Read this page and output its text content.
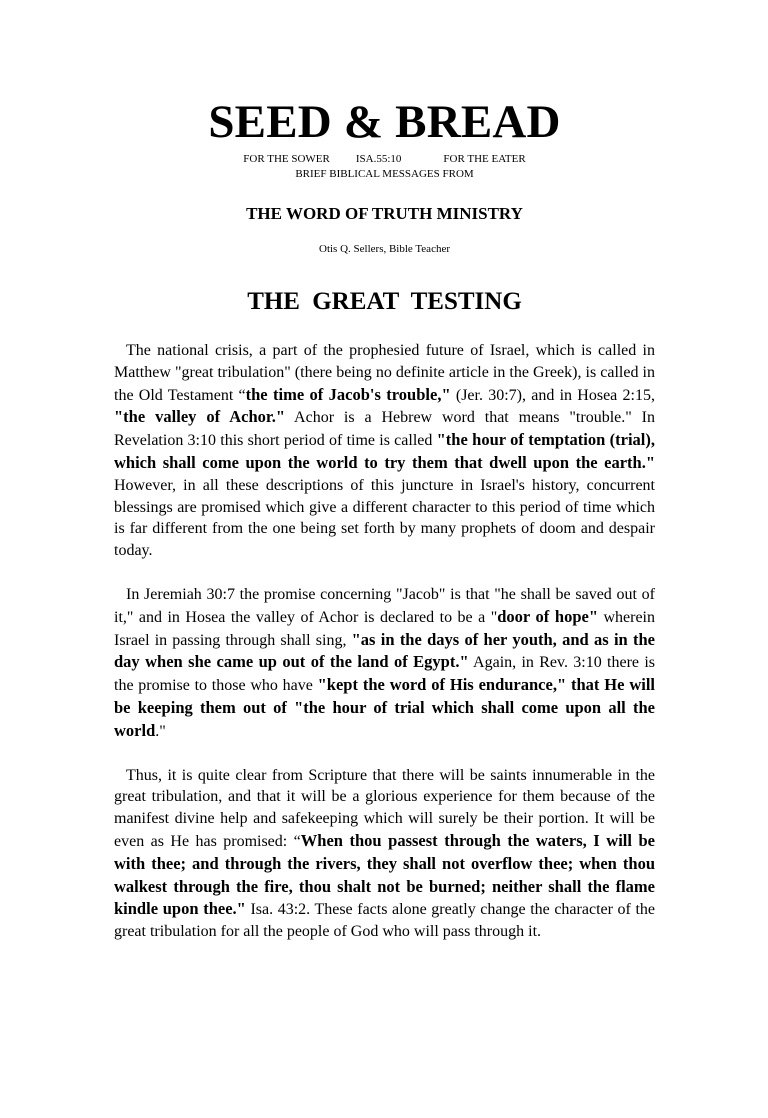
SEED & BREAD

FOR THE SOWER ISA.55:10	FOR THE EATER

BRIEF BIBLICAL MESSAGES FROM

THE WORD OF TRUTH MINISTRY

Otis Q. Sellers, Bible Teacher

THE GREAT TESTING

The national crisis, a part of the prophesied future of Israel, which is called in Matthew "great tribulation" (there being no definite article in the Greek), is called in the Old Testament “the time of Jacob's trouble," (Jer. 30:7), and in Hosea 2:15, "the valley of Achor." Achor is a Hebrew word that means "trouble." In Revelation 3:10 this short period of time is called "the hour of temptation (trial), which shall come upon the world to try them that dwell upon the earth." However, in all these descriptions of this juncture in Israel's history, concurrent blessings are promised which give a different character to this period of time which is far different from the one being set forth by many prophets of doom and despair today.

In Jeremiah 30:7 the promise concerning "Jacob" is that "he shall be saved out of it," and in Hosea the valley of Achor is declared to be a "door of hope" wherein Israel in passing through shall sing, "as in the days of her youth, and as in the day when she came up out of the land of Egypt." Again, in Rev. 3:10 there is the promise to those who have "kept the word of His endurance," that He will be keeping them out of "the hour of trial which shall come upon all the world."

Thus, it is quite clear from Scripture that there will be saints innumerable in the great tribulation, and that it will be a glorious experience for them because of the manifest divine help and safekeeping which will surely be their portion. It will be even as He has promised: “When thou passest through the waters, I will be with thee; and through the rivers, they shall not overflow thee; when thou walkest through the fire, thou shalt not be burned; neither shall the flame kindle upon thee." Isa. 43:2. These facts alone greatly change the character of the great tribulation for all the people of God who will pass through it.
